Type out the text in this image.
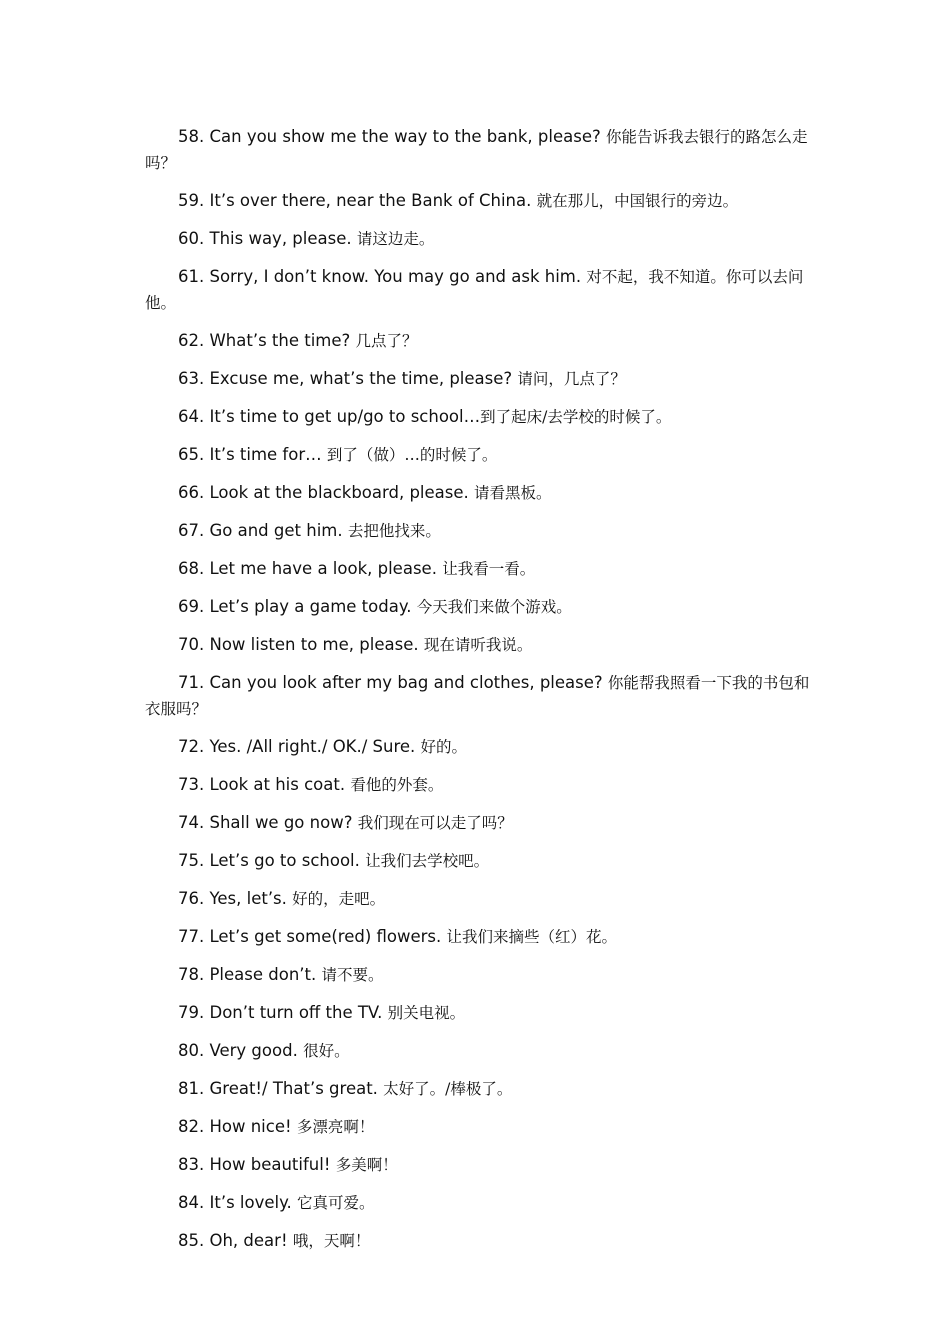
58. Can you show me the way to the bank, please? 你能告诉我去银行的路怎么走吗？

59. It’s over there, near the Bank of China. 就在那儿，中国银行的旁边。

60. This way, please. 请这边走。

61. Sorry, I don’t know. You may go and ask him. 对不起，我不知道。你可以去问他。

62. What’s the time? 几点了？

63. Excuse me, what’s the time, please? 请问，几点了？

64. It’s time to get up/go to school…到了起床/去学校的时候了。

65. It’s time for… 到了（做）…的时候了。

66. Look at the blackboard, please. 请看黑板。

67. Go and get him. 去把他找来。

68. Let me have a look, please. 让我看一看。

69. Let’s play a game today. 今天我们来做个游戏。

70. Now listen to me, please. 现在请听我说。

71. Can you look after my bag and clothes, please? 你能帮我照看一下我的书包和衣服吗？

72. Yes. /All right./ OK./ Sure. 好的。

73. Look at his coat. 看他的外套。

74. Shall we go now? 我们现在可以走了吗？

75. Let’s go to school. 让我们去学校吧。

76. Yes, let’s. 好的，走吧。

77. Let’s get some(red) flowers. 让我们来摘些（红）花。

78. Please don’t. 请不要。

79. Don’t turn off the TV. 别关电视。

80. Very good. 很好。

81. Great!/ That’s great. 太好了。/棒极了。

82. How nice! 多漂亮啊！

83. How beautiful! 多美啊！

84. It’s lovely. 它真可爱。

85. Oh, dear! 哦，天啊！
